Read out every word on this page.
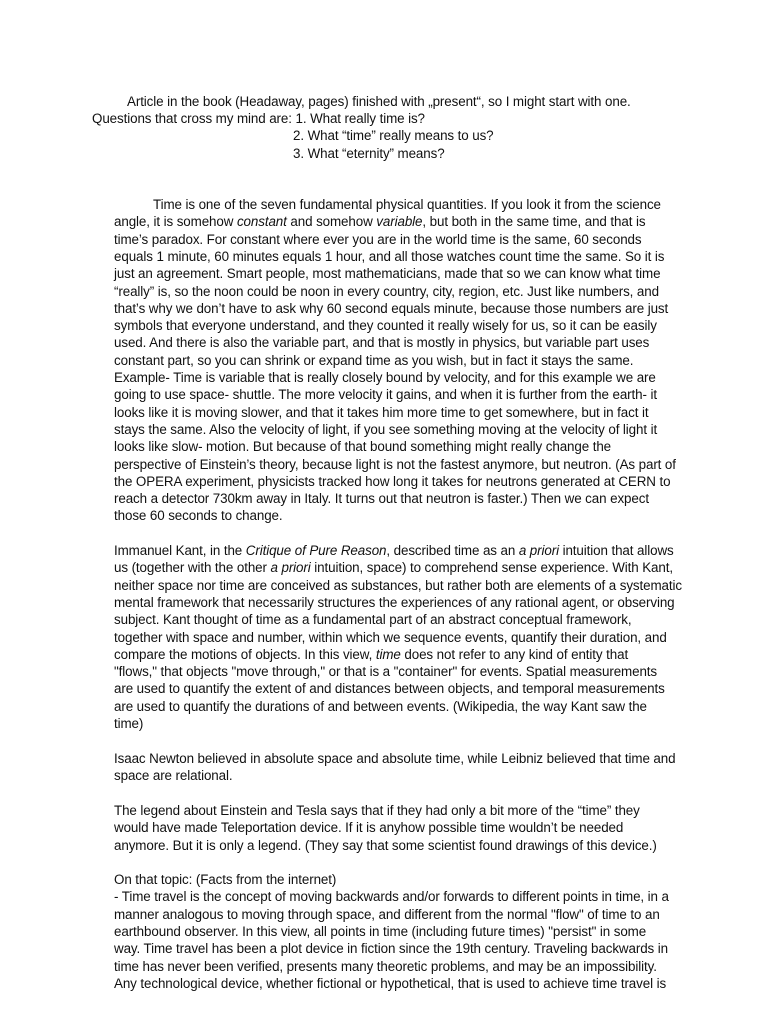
Article in the book (Headaway, pages) finished with „present“, so I might start with one.
Questions that cross my mind are: 1. What really time is?
2. What “time” really means to us?
3. What “eternity” means?
Time is one of the seven fundamental physical quantities. If you look it from the science
angle, it is somehow constant and somehow variable, but both in the same time, and that is
time’s paradox. For constant where ever you are in the world time is the same, 60 seconds
equals 1 minute, 60 minutes equals 1 hour, and all those watches count time the same. So it is
just an agreement. Smart people, most mathematicians, made that so we can know what time
“really” is, so the noon could be noon in every country, city, region, etc. Just like numbers, and
that’s why we don’t have to ask why 60 second equals minute, because those numbers are just
symbols that everyone understand, and they counted it really wisely for us, so it can be easily
used. And there is also the variable part, and that is mostly in physics, but variable part uses
constant part, so you can shrink or expand time as you wish, but in fact it stays the same.
Example- Time is variable that is really closely bound by velocity, and for this example we are
going to use space- shuttle. The more velocity it gains, and when it is further from the earth- it
looks like it is moving slower, and that it takes him more time to get somewhere, but in fact it
stays the same. Also the velocity of light, if you see something moving at the velocity of light it
looks like slow- motion. But because of that bound something might really change the
perspective of Einstein’s theory, because light is not the fastest anymore, but neutron. (As part of
the OPERA experiment, physicists tracked how long it takes for neutrons generated at CERN to
reach a detector 730km away in Italy. It turns out that neutron is faster.) Then we can expect
those 60 seconds to change.
Immanuel Kant, in the Critique of Pure Reason, described time as an a priori intuition that allows
us (together with the other a priori intuition, space) to comprehend sense experience. With Kant,
neither space nor time are conceived as substances, but rather both are elements of a systematic
mental framework that necessarily structures the experiences of any rational agent, or observing
subject. Kant thought of time as a fundamental part of an abstract conceptual framework,
together with space and number, within which we sequence events, quantify their duration, and
compare the motions of objects. In this view, time does not refer to any kind of entity that
"flows," that objects "move through," or that is a "container" for events. Spatial measurements
are used to quantify the extent of and distances between objects, and temporal measurements
are used to quantify the durations of and between events. (Wikipedia, the way Kant saw the
time)
Isaac Newton believed in absolute space and absolute time, while Leibniz believed that time and
space are relational.
The legend about Einstein and Tesla says that if they had only a bit more of the “time” they
would have made Teleportation device. If it is anyhow possible time wouldn’t be needed
anymore. But it is only a legend. (They say that some scientist found drawings of this device.)
On that topic: (Facts from the internet)
- Time travel is the concept of moving backwards and/or forwards to different points in time, in a
manner analogous to moving through space, and different from the normal "flow" of time to an
earthbound observer. In this view, all points in time (including future times) "persist" in some
way. Time travel has been a plot device in fiction since the 19th century. Traveling backwards in
time has never been verified, presents many theoretic problems, and may be an impossibility.
Any technological device, whether fictional or hypothetical, that is used to achieve time travel is
